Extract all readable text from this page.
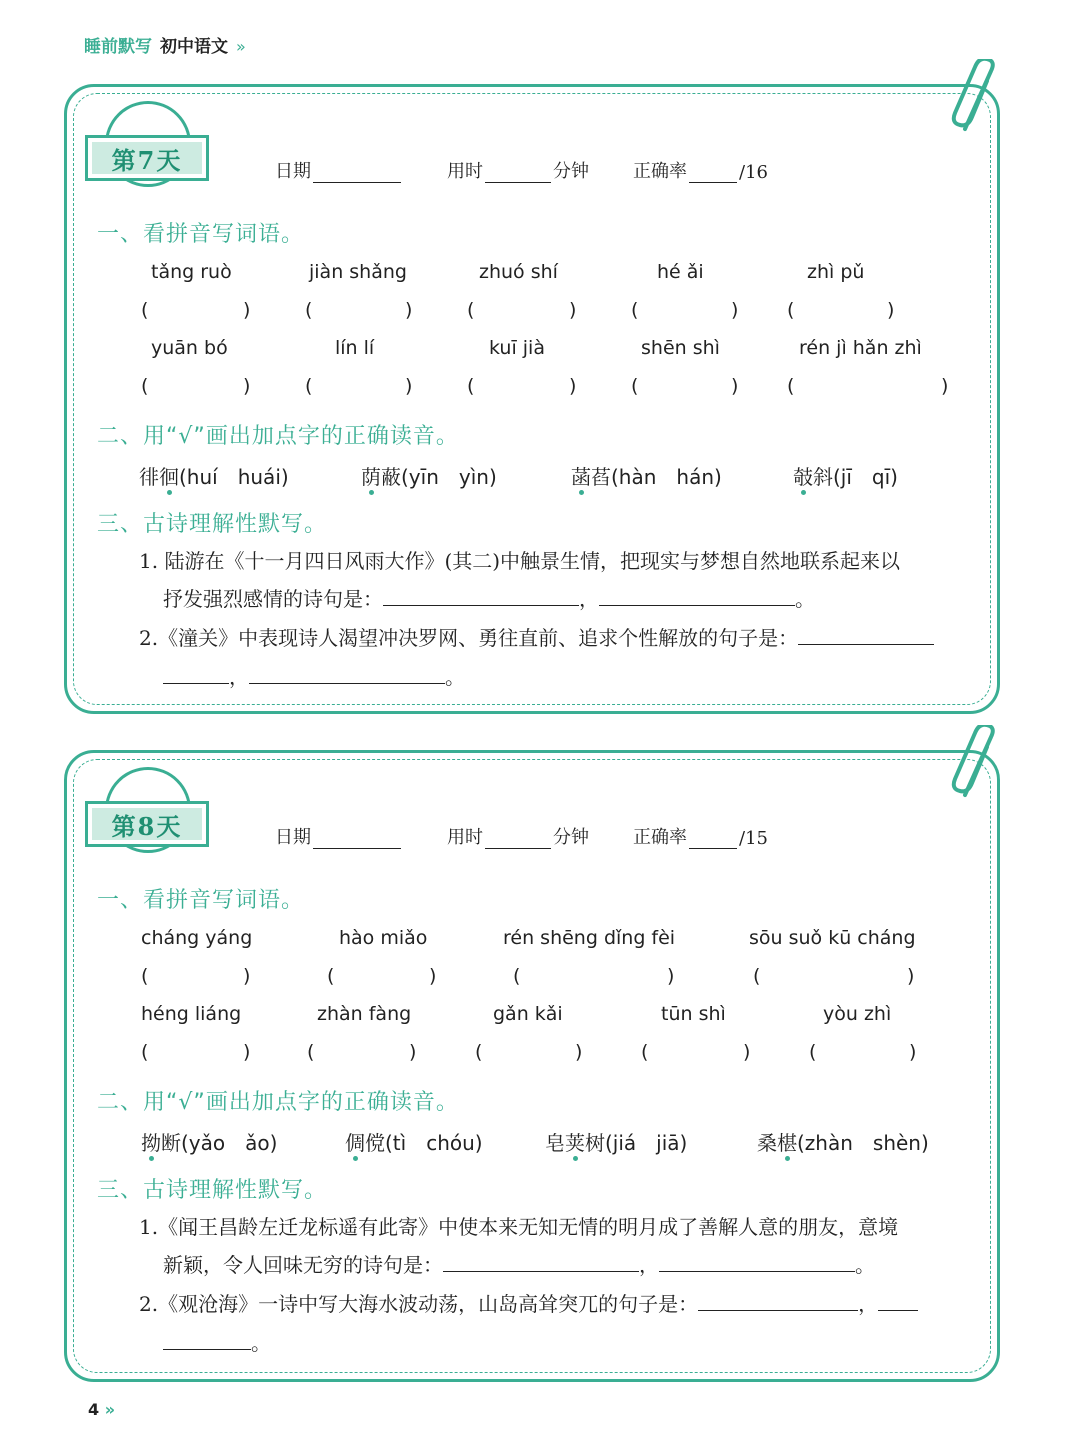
睡前默写 初中语文 »
第7天	日期	用时	分钟 正确率	/16
一、看拼音写词语。
tǎng ruò	jiàn shǎng	zhuó shí	hé ǎi	zhì pǔ
(	)	(	)	(	)	(	)	(	)
yuān bó	lín lí	kuī jià	shēn shì	rén jì hǎn zhì
(	)	(	)	(	)	(	)	(	)
二、用“√”画出加点字的正确读音。
徘徊(huí　huái)	荫蔽(yīn　yìn)	菡萏(hàn　hán)	攲斜(jī　qī)
三、古诗理解性默写。
1. 陆游在《十一月四日风雨大作》(其二)中触景生情，把现实与梦想自然地联系起来以
抒发强烈感情的诗句是：	，	。
2.《潼关》中表现诗人渴望冲决罗网、勇往直前、追求个性解放的句子是：
，	。
第8天	日期	用时	分钟 正确率	/15
一、看拼音写词语。
cháng yáng	hào miǎo	rén shēng dǐng fèi	sōu suǒ kū cháng
(	)	(	)	(	)	(	)
héng liáng	zhàn fàng	gǎn kǎi	tūn shì	yòu zhì
(	)	(	)	(	)	(	)	(	)
二、用“√”画出加点字的正确读音。
拗断(yǎo　ǎo)	倜傥(tì　chóu)	皂荚树(jiá　jiā)	桑椹(zhàn　shèn)
三、古诗理解性默写。
1.《闻王昌龄左迁龙标遥有此寄》中使本来无知无情的明月成了善解人意的朋友，意境
新颖，令人回味无穷的诗句是：	，	。
2.《观沧海》一诗中写大海水波动荡，山岛高耸突兀的句子是：	，
。
4 »
